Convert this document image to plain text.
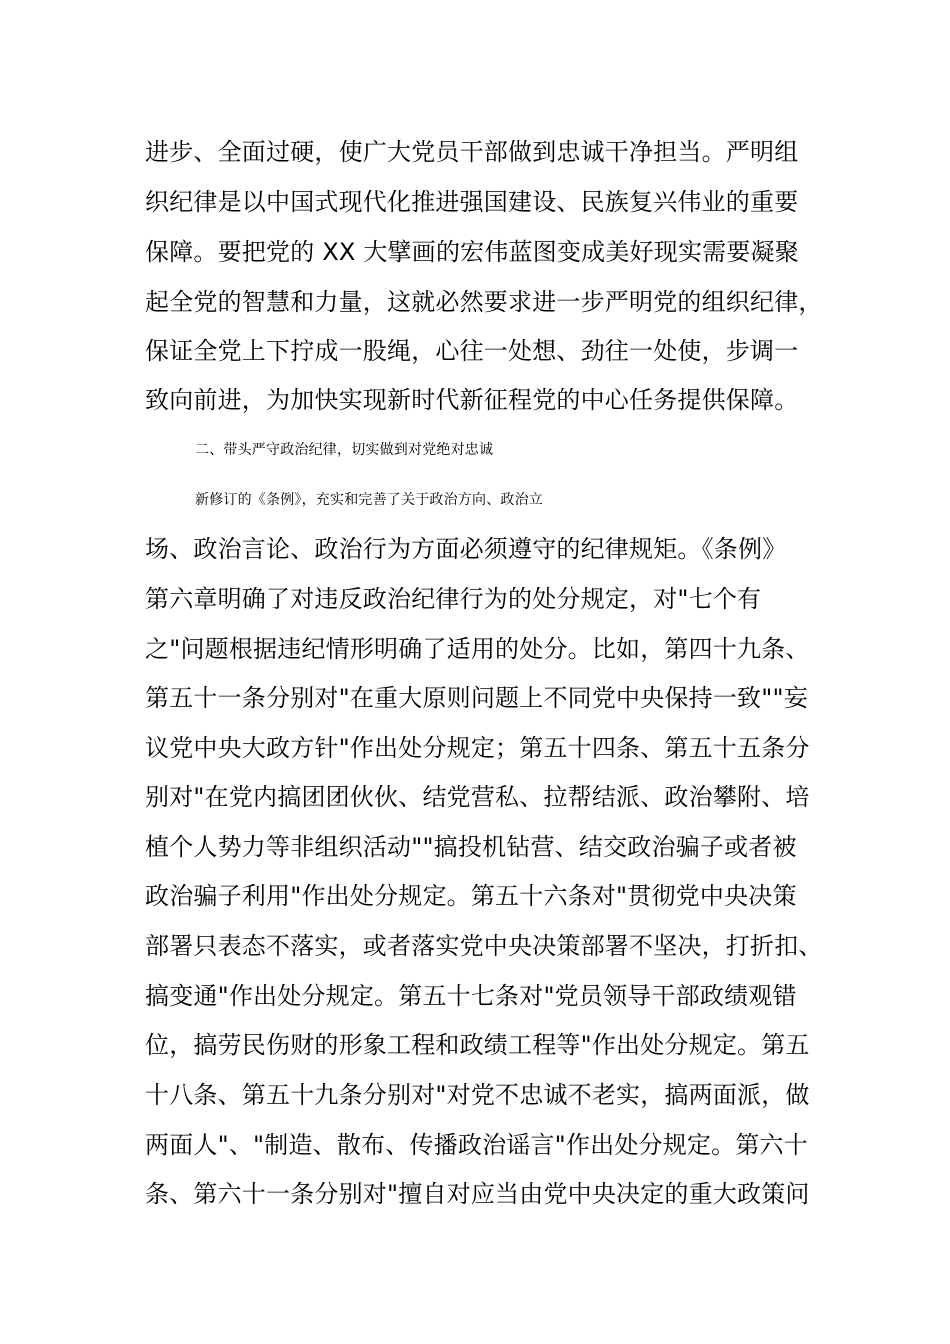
进步、全面过硬，使广大党员干部做到忠诚干净担当。严明组
织纪律是以中国式现代化推进强国建设、民族复兴伟业的重要
保障。要把党的 XX 大擘画的宏伟蓝图变成美好现实需要凝聚
起全党的智慧和力量，这就必然要求进一步严明党的组织纪律，
保证全党上下拧成一股绳，心往一处想、劲往一处使，步调一
致向前进，为加快实现新时代新征程党的中心任务提供保障。
二、带头严守政治纪律，切实做到对党绝对忠诚
新修订的《条例》，充实和完善了关于政治方向、政治立
场、政治言论、政治行为方面必须遵守的纪律规矩。《条例》
第六章明确了对违反政治纪律行为的处分规定，对"七个有
之"问题根据违纪情形明确了适用的处分。比如，第四十九条、
第五十一条分别对"在重大原则问题上不同党中央保持一致""妄
议党中央大政方针"作出处分规定；第五十四条、第五十五条分
别对"在党内搞团团伙伙、结党营私、拉帮结派、政治攀附、培
植个人势力等非组织活动""搞投机钻营、结交政治骗子或者被
政治骗子利用"作出处分规定。第五十六条对"贯彻党中央决策
部署只表态不落实，或者落实党中央决策部署不坚决，打折扣、
搞变通"作出处分规定。第五十七条对"党员领导干部政绩观错
位，搞劳民伤财的形象工程和政绩工程等"作出处分规定。第五
十八条、第五十九条分别对"对党不忠诚不老实，搞两面派，做
两面人"、"制造、散布、传播政治谣言"作出处分规定。第六十
条、第六十一条分别对"擅自对应当由党中央决定的重大政策问
